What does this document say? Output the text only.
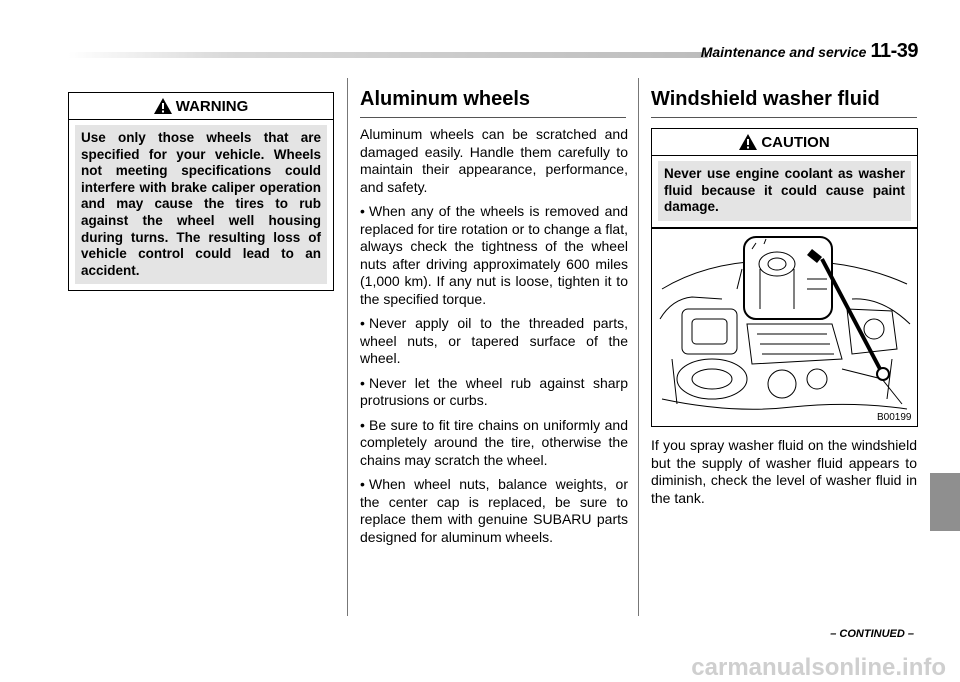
Maintenance and service 11-39
WARNING
Use only those wheels that are specified for your vehicle. Wheels not meeting specifications could interfere with brake caliper operation and may cause the tires to rub against the wheel well housing during turns. The resulting loss of vehicle control could lead to an accident.
Aluminum wheels

Aluminum wheels can be scratched and damaged easily. Handle them carefully to maintain their appearance, performance, and safety.

• When any of the wheels is removed and replaced for tire rotation or to change a flat, always check the tightness of the wheel nuts after driving approximately 600 miles (1,000 km). If any nut is loose, tighten it to the specified torque.

• Never apply oil to the threaded parts, wheel nuts, or tapered surface of the wheel.

• Never let the wheel rub against sharp protrusions or curbs.

• Be sure to fit tire chains on uniformly and completely around the tire, otherwise the chains may scratch the wheel.

• When wheel nuts, balance weights, or the center cap is replaced, be sure to replace them with genuine SUBARU parts designed for aluminum wheels.

Windshield washer fluid
CAUTION
Never use engine coolant as washer fluid because it could cause paint damage.
B00199
If you spray washer fluid on the windshield but the supply of washer fluid appears to diminish, check the level of washer fluid in the tank.
– CONTINUED –
carmanualsonline.info
